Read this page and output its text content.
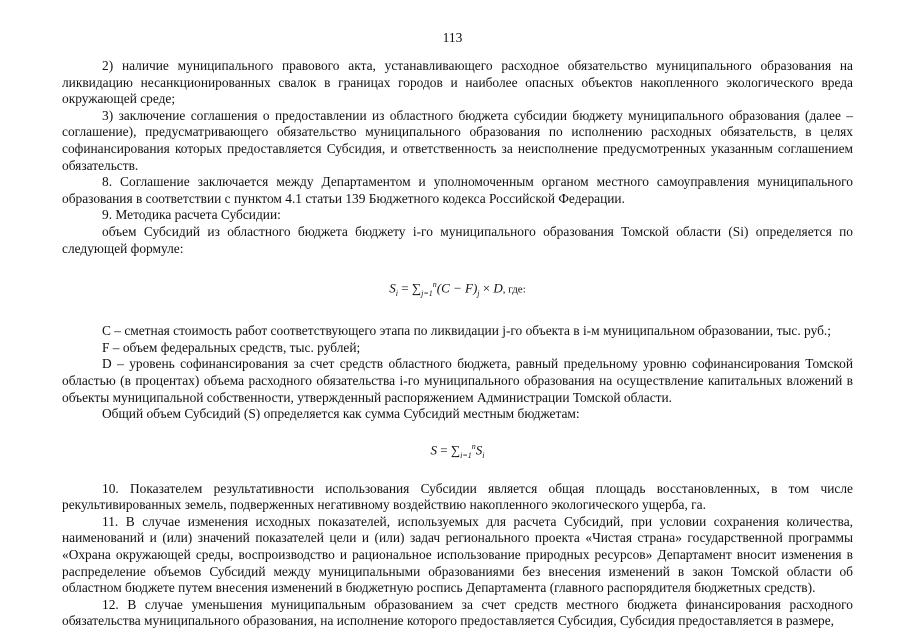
113

2) наличие муниципального правового акта, устанавливающего расходное обязательство муниципального образования на ликвидацию несанкционированных свалок в границах городов и наиболее опасных объектов накопленного экологического вреда окружающей среде;

3) заключение соглашения о предоставлении из областного бюджета субсидии бюджету муниципального образования (далее – соглашение), предусматривающего обязательство муниципального образования по исполнению расходных обязательств, в целях софинансирования которых предоставляется Субсидия, и ответственность за неисполнение предусмотренных указанным соглашением обязательств.

8. Соглашение заключается между Департаментом и уполномоченным органом местного самоуправления муниципального образования в соответствии с пунктом 4.1 статьи 139 Бюджетного кодекса Российской Федерации.

9. Методика расчета Субсидии:

объем Субсидий из областного бюджета бюджету i-го муниципального образования Томской области (Si) определяется по следующей формуле:

$S_i = \sum_{j=1}^n(C - F)_j \times D$, где:

C – сметная стоимость работ соответствующего этапа по ликвидации j-го объекта в i-м муниципальном образовании, тыс. руб.;

F – объем федеральных средств, тыс. рублей;

D – уровень софинансирования за счет средств областного бюджета, равный предельному уровню софинансирования Томской областью (в процентах) объема расходного обязательства i-го муниципального образования на осуществление капитальных вложений в объекты муниципальной собственности, утвержденный распоряжением Администрации Томской области.

Общий объем Субсидий (S) определяется как сумма Субсидий местным бюджетам:

$S = \sum_{i=1}^nS_i$

10. Показателем результативности использования Субсидии является общая площадь восстановленных, в том числе рекультивированных земель, подверженных негативному воздействию накопленного экологического ущерба, га.

11. В случае изменения исходных показателей, используемых для расчета Субсидий, при условии сохранения количества, наименований и (или) значений показателей цели и (или) задач регионального проекта «Чистая страна» государственной программы «Охрана окружающей среды, воспроизводство и рациональное использование природных ресурсов» Департамент вносит изменения в распределение объемов Субсидий между муниципальными образованиями без внесения изменений в закон Томской области об областном бюджете путем внесения изменений в бюджетную роспись Департамента (главного распорядителя бюджетных средств).

12. В случае уменьшения муниципальным образованием за счет средств местного бюджета финансирования расходного обязательства муниципального образования, на исполнение которого предоставляется Субсидия, Субсидия предоставляется в размере,
